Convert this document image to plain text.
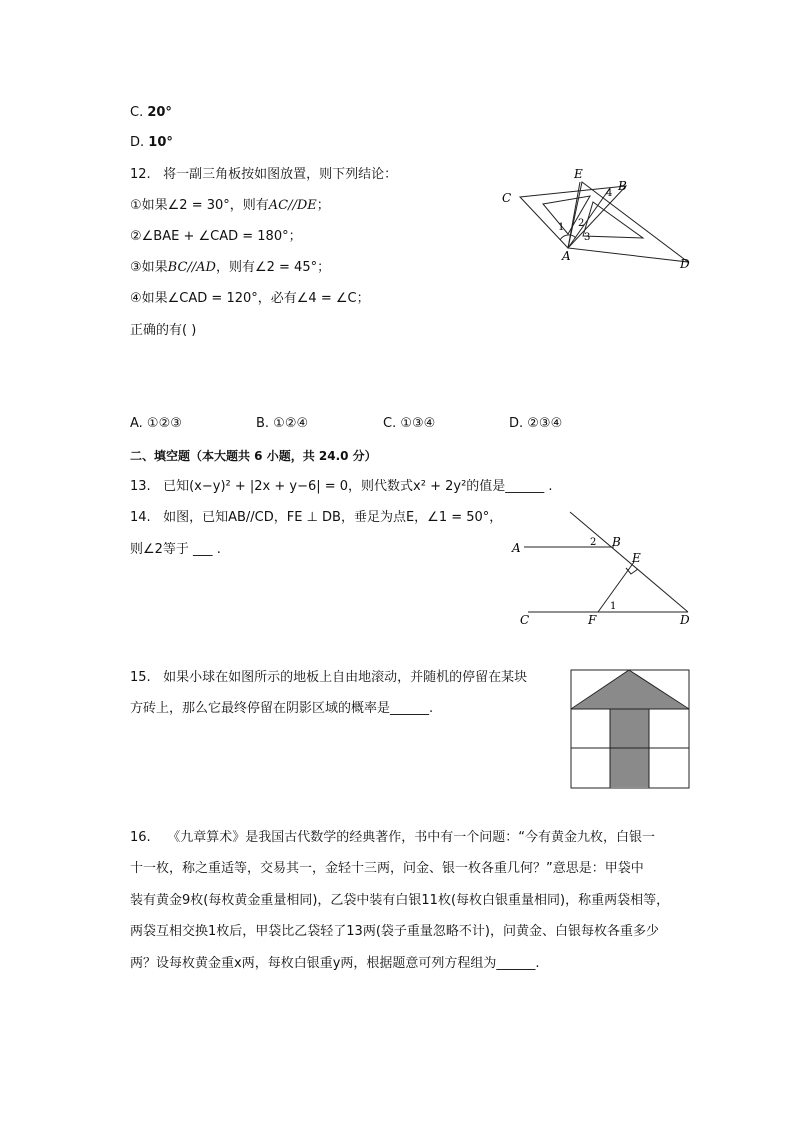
C. 20°
D. 10°
12. 将一副三角板按如图放置，则下列结论：
①如果∠2 = 30°，则有AC//DE；
②∠BAE + ∠CAD = 180°；
③如果BC//AD，则有∠2 = 45°；
④如果∠CAD = 120°，必有∠4 = ∠C；
正确的有( )
C
E
B
A
D
1 2
3
4
A. ①②③	B. ①②④	C. ①③④	D. ②③④
二、填空题（本大题共 6 小题，共 24.0 分）
13. 已知(x−y)² + |2x + y−6| = 0，则代数式x² + 2y²的值是______ .
14. 如图，已知AB//CD，FE ⊥ DB，垂足为点E，∠1 = 50°，
则∠2等于 ___ .	A	B
E
C	F	D
1
2
15. 如果小球在如图所示的地板上自由地滚动，并随机的停留在某块
方砖上，那么它最终停留在阴影区域的概率是______.
16. 《九章算术》是我国古代数学的经典著作，书中有一个问题：“今有黄金九枚，白银一
十一枚，称之重适等，交易其一，金轻十三两，问金、银一枚各重几何？”意思是：甲袋中
装有黄金9枚(每枚黄金重量相同)，乙袋中装有白银11枚(每枚白银重量相同)，称重两袋相等，
两袋互相交换1枚后，甲袋比乙袋轻了13两(袋子重量忽略不计)，问黄金、白银每枚各重多少
两？设每枚黄金重x两，每枚白银重y两，根据题意可列方程组为______.
